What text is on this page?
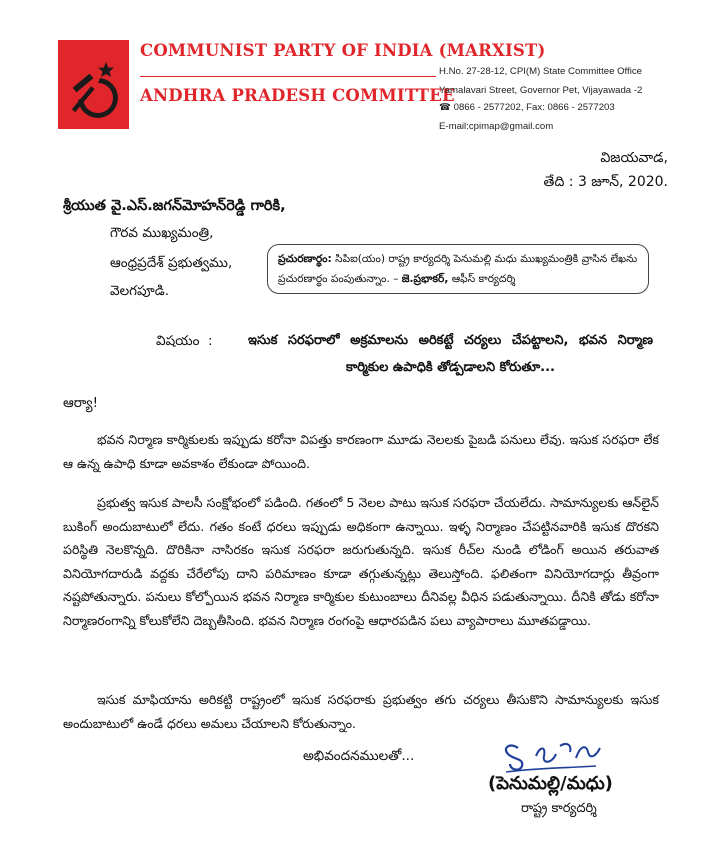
COMMUNIST PARTY OF INDIA (MARXIST)
ANDHRA PRADESH COMMITTEE
H.No. 27-28-12, CPI(M) State Committee Office
Yamalavari Street, Governor Pet, Vijayawada -2
☎ 0866 - 2577202, Fax: 0866 - 2577203
E-mail:cpimap@gmail.com
విజయవాడ,
తేది : 3 జూన్‌, 2020.
శ్రీయుత వై.ఎస్‌.జగన్‌మోహన్‌రెడ్డి గారికి,
గౌరవ ముఖ్యమంత్రి,
ఆంధ్రప్రదేశ్‌ ప్రభుత్వము,
వెలగపూడి.
ప్రచురణార్థం: సిపిఐ(యం) రాష్ట్ర కార్యదర్శి పెనుమల్లి మధు ముఖ్యమంత్రికి వ్రాసిన లేఖను ప్రచురణార్థం పంపుతున్నాం. – జె.ప్రభాకర్‌, ఆఫీస్‌ కార్యదర్శి
విషయం :	ఇసుక సరఫరాలో అక్రమాలను అరికట్టే చర్యలు చేపట్టాలని, భవన నిర్మాణ కార్మికుల ఉపాధికి తోడ్పడాలని కోరుతూ...
ఆర్యా!
భవన నిర్మాణ కార్మికులకు ఇప్పుడు కరోనా విపత్తు కారణంగా మూడు నెలలకు పైబడి పనులు లేవు. ఇసుక సరఫరా లేక ఆ ఉన్న ఉపాధి కూడా అవకాశం లేకుండా పోయింది.
ప్రభుత్వ ఇసుక పాలసీ సంక్షోభంలో పడింది. గతంలో 5 నెలల పాటు ఇసుక సరఫరా చేయలేదు. సామాన్యులకు ఆన్‌లైన్‌ బుకింగ్‌ అందుబాటులో లేదు. గతం కంటే ధరలు ఇప్పుడు అధికంగా ఉన్నాయి. ఇళ్ళ నిర్మాణం చేపట్టినవారికి ఇసుక దొరకని పరిస్థితి నెలకొన్నది. దొరికినా నాసిరకం ఇసుక సరఫరా జరుగుతున్నది. ఇసుక రీచ్‌ల నుండి లోడింగ్‌ అయిన తరువాత వినియోగదారుడి వద్దకు చేరేలోపు దాని పరిమాణం కూడా తగ్గుతున్నట్లు తెలుస్తోంది. ఫలితంగా వినియోగదార్లు తీవ్రంగా నష్టపోతున్నారు. పనులు కోల్పోయిన భవన నిర్మాణ కార్మికుల కుటుంబాలు దీనివల్ల వీధిన పడుతున్నాయి. దీనికి తోడు కరోనా నిర్మాణరంగాన్ని కోలుకోలేని దెబ్బతీసింది. భవన నిర్మాణ రంగంపై ఆధారపడిన పలు వ్యాపారాలు మూతపడ్డాయి.
ఇసుక మాఫియాను అరికట్టి రాష్ట్రంలో ఇసుక సరఫరాకు ప్రభుత్వం తగు చర్యలు తీసుకొని సామాన్యులకు ఇసుక అందుబాటులో ఉండే ధరలు అమలు చేయాలని కోరుతున్నాం.
అభివందనములతో...
(పెనుమల్లి/మధు)
రాష్ట్ర కార్యదర్శి
